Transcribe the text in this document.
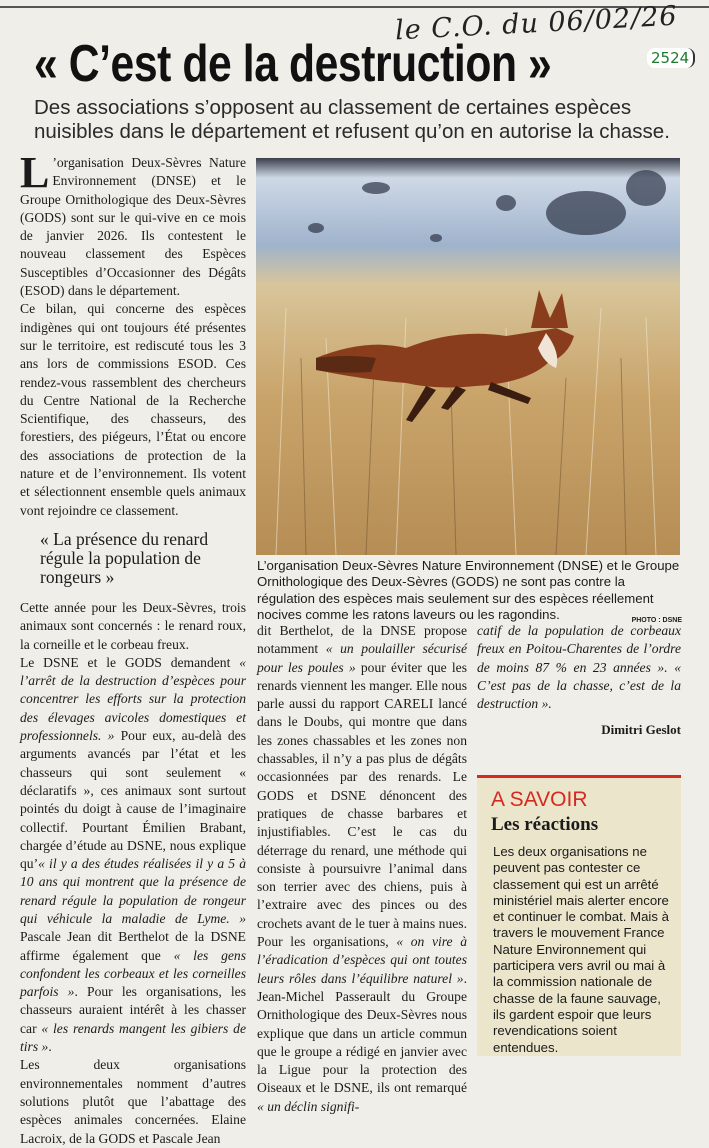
le C.O. du 06/02/26
2524
« C’est de la destruction »
Des associations s’opposent au classement de certaines espèces nuisibles dans le département et refusent qu’on en autorise la chasse.

L ’organisation Deux-Sèvres Nature Environnement (DNSE) et le Groupe Ornithologique des Deux-Sèvres (GODS) sont sur le qui-vive en ce mois de janvier 2026. Ils contestent le nouveau classement des Espèces Susceptibles d’Occasionner des Dégâts (ESOD) dans le département.

Ce bilan, qui concerne des espèces indigènes qui ont toujours été présentes sur le territoire, est rediscuté tous les 3 ans lors de commissions ESOD. Ces rendez-vous rassemblent des chercheurs du Centre National de la Recherche Scientifique, des chasseurs, des forestiers, des piégeurs, l’État ou encore des associations de protection de la nature et de l’environnement. Ils votent et sélectionnent ensemble quels animaux vont rejoindre ce classement.

« La présence du renard régule la population de rongeurs »

Cette année pour les Deux-Sèvres, trois animaux sont concernés : le renard roux, la corneille et le corbeau freux.

Le DSNE et le GODS demandent « l’arrêt de la destruction d’espèces pour concentrer les efforts sur la protection des élevages avicoles domestiques et professionnels. » Pour eux, au-delà des arguments avancés par l’état et les chasseurs qui sont seulement « déclaratifs », ces animaux sont surtout pointés du doigt à cause de l’imaginaire collectif. Pourtant Émilien Brabant, chargée d’étude au DSNE, nous explique qu’« il y a des études réalisées il y a 5 à 10 ans qui montrent que la présence de renard régule la population de rongeur qui véhicule la maladie de Lyme. » Pascale Jean dit Berthelot de la DSNE affirme également que « les gens confondent les corbeaux et les corneilles parfois ». Pour les organisations, les chasseurs auraient intérêt à les chasser car « les renards mangent les gibiers de tirs ».

Les deux organisations environnementales nomment d’autres solutions plutôt que l’abattage des espèces animales concernées. Elaine Lacroix, de la GODS et Pascale Jean

L’organisation Deux-Sèvres Nature Environnement (DNSE) et le Groupe Ornithologique des Deux-Sèvres (GODS) ne sont pas contre la régulation des espèces mais seulement sur des espèces réellement nocives comme les ratons laveurs ou les ragondins.	PHOTO : DSNE

dit Berthelot, de la DNSE propose notamment « un poulailler sécurisé pour les poules » pour éviter que les renards viennent les manger. Elle nous parle aussi du rapport CARELI lancé dans le Doubs, qui montre que dans les zones chassables et les zones non chassables, il n’y a pas plus de dégâts occasionnées par des renards. Le GODS et DSNE dénoncent des pratiques de chasse barbares et injustifiables. C’est le cas du déterrage du renard, une méthode qui consiste à poursuivre l’animal dans son terrier avec des chiens, puis à l’extraire avec des pinces ou des crochets avant de le tuer à mains nues. Pour les organisations, « on vire à l’éradication d’espèces qui ont toutes leurs rôles dans l’équilibre naturel ». Jean-Michel Passerault du Groupe Ornithologique des Deux-Sèvres nous explique que dans un article commun que le groupe a rédigé en janvier avec la Ligue pour la protection des Oiseaux et le DSNE, ils ont remarqué « un déclin signifi-

catif de la population de corbeaux freux en Poitou-Charentes de l’ordre de moins 87 % en 23 années ». « C’est pas de la chasse, c’est de la destruction ».

Dimitri Geslot

A SAVOIR
Les réactions
Les deux organisations ne peuvent pas contester ce classement qui est un arrêté ministériel mais alerter encore et continuer le combat. Mais à travers le mouvement France Nature Environnement qui participera vers avril ou mai à la commission nationale de chasse de la faune sauvage, ils gardent espoir que leurs revendications soient entendues.
